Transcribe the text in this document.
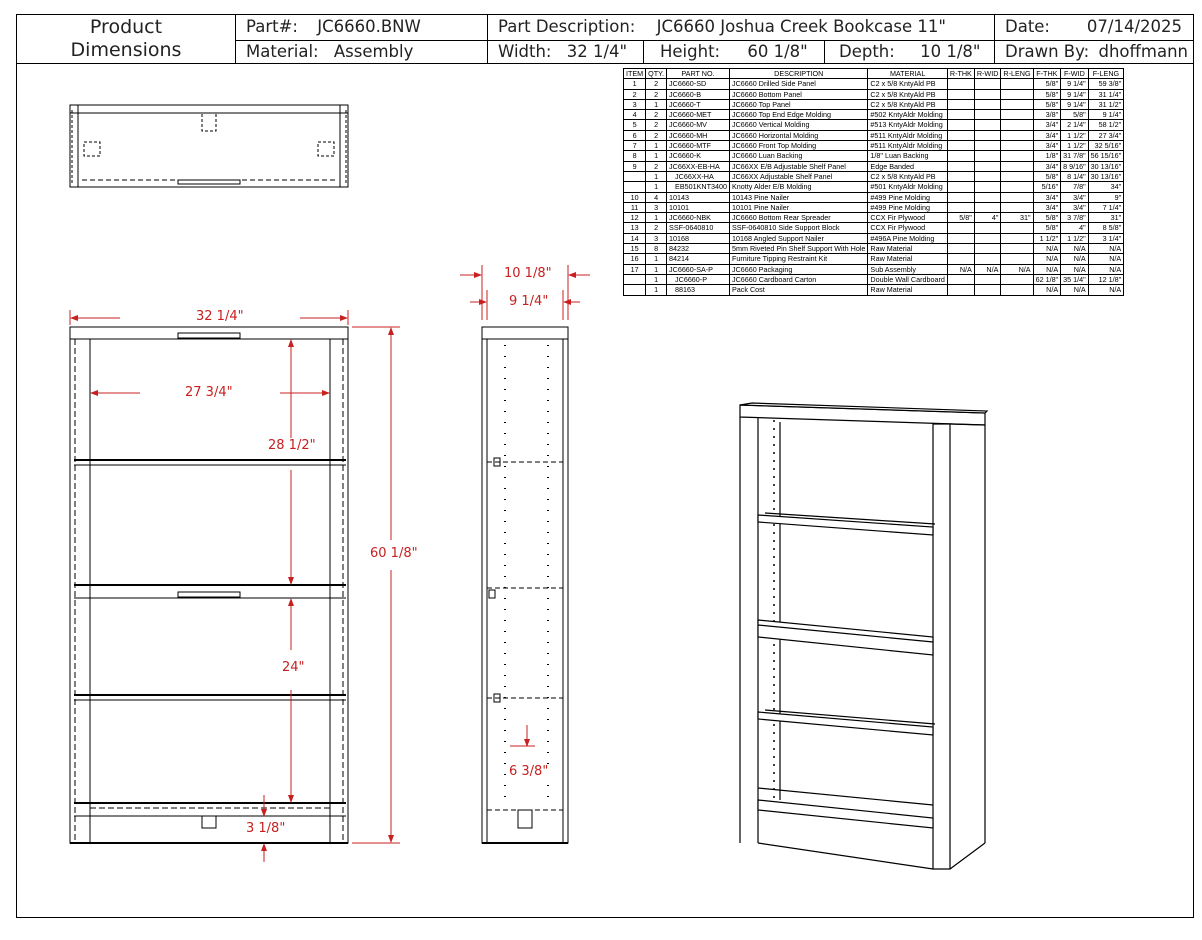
Product
Dimensions
Part#: JC6660.BNW
Material: Assembly
Part Description: JC6660 Joshua Creek Bookcase 11"
Width: 32 1/4"	Height: 60 1/8"	Depth: 10 1/8"
Date: 07/14/2025
Drawn By: dhoffmann
ITEM	QTY.	PART NO.	DESCRIPTION	MATERIAL	R-THK	R-WID	R-LENG	F-THK	F-WID	F-LENG
1	2	JC6660-SD	JC6660 Drilled Side Panel	C2 x 5/8 KntyAld PB				5/8"	9 1/4"	59 3/8"
2	2	JC6660-B	JC6660 Bottom Panel	C2 x 5/8 KntyAld PB				5/8"	9 1/4"	31 1/4"
3	1	JC6660-T	JC6660 Top Panel	C2 x 5/8 KntyAld PB				5/8"	9 1/4"	31 1/2"
4	2	JC6660-MET	JC6660 Top End Edge Molding	#502 KntyAldr Molding				3/8"	5/8"	9 1/4"
5	2	JC6660-MV	JC6660 Vertical Molding	#513 KntyAldr Molding				3/4"	2 1/4"	58 1/2"
6	2	JC6660-MH	JC6660 Horizontal Molding	#511 KntyAldr Molding				3/4"	1 1/2"	27 3/4"
7	1	JC6660-MTF	JC6660 Front Top Molding	#511 KntyAldr Molding				3/4"	1 1/2"	32 5/16"
8	1	JC6660-K	JC6660 Luan Backing	1/8" Luan Backing				1/8"	31 7/8"	56 15/16"
9	2	JC66XX-EB-HA	JC66XX E/B Adjustable Shelf Panel	Edge Banded				3/4"	8 9/16"	30 13/16"
	1	JC66XX-HA	JC66XX Adjustable Shelf Panel	C2 x 5/8 KntyAld PB				5/8"	8 1/4"	30 13/16"
	1	EB501KNT3400	Knotty Alder E/B Molding	#501 KntyAldr Molding				5/16"	7/8"	34"
10	4	10143	10143 Pine Nailer	#499 Pine Molding				3/4"	3/4"	9"
11	3	10101	10101 Pine Nailer	#499 Pine Molding				3/4"	3/4"	7 1/4"
12	1	JC6660-NBK	JC6660 Bottom Rear Spreader	CCX Fir Plywood	5/8"	4"	31"	5/8"	3 7/8"	31"
13	2	SSF-0640810	SSF-0640810 Side Support Block	CCX Fir Plywood				5/8"	4"	8 5/8"
14	3	10168	10168 Angled Support Nailer	#496A Pine Molding				1 1/2"	1 1/2"	3 1/4"
15	8	84232	5mm Riveted Pin Shelf Support With Hole	Raw Material				N/A	N/A	N/A
16	1	84214	Furniture Tipping Restraint Kit	Raw Material				N/A	N/A	N/A
17	1	JC6660-SA-P	JC6660 Packaging	Sub Assembly	N/A	N/A	N/A	N/A	N/A	N/A
	1	JC6660-P	JC6660 Cardboard Carton	Double Wall Cardboard				62 1/8"	35 1/4"	12 1/8"
	1	88163	Pack Cost	Raw Material				N/A	N/A	N/A
32 1/4"
27 3/4"
28 1/2"
60 1/8"
24"
3 1/8"
10 1/8"
9 1/4"
6 3/8"
